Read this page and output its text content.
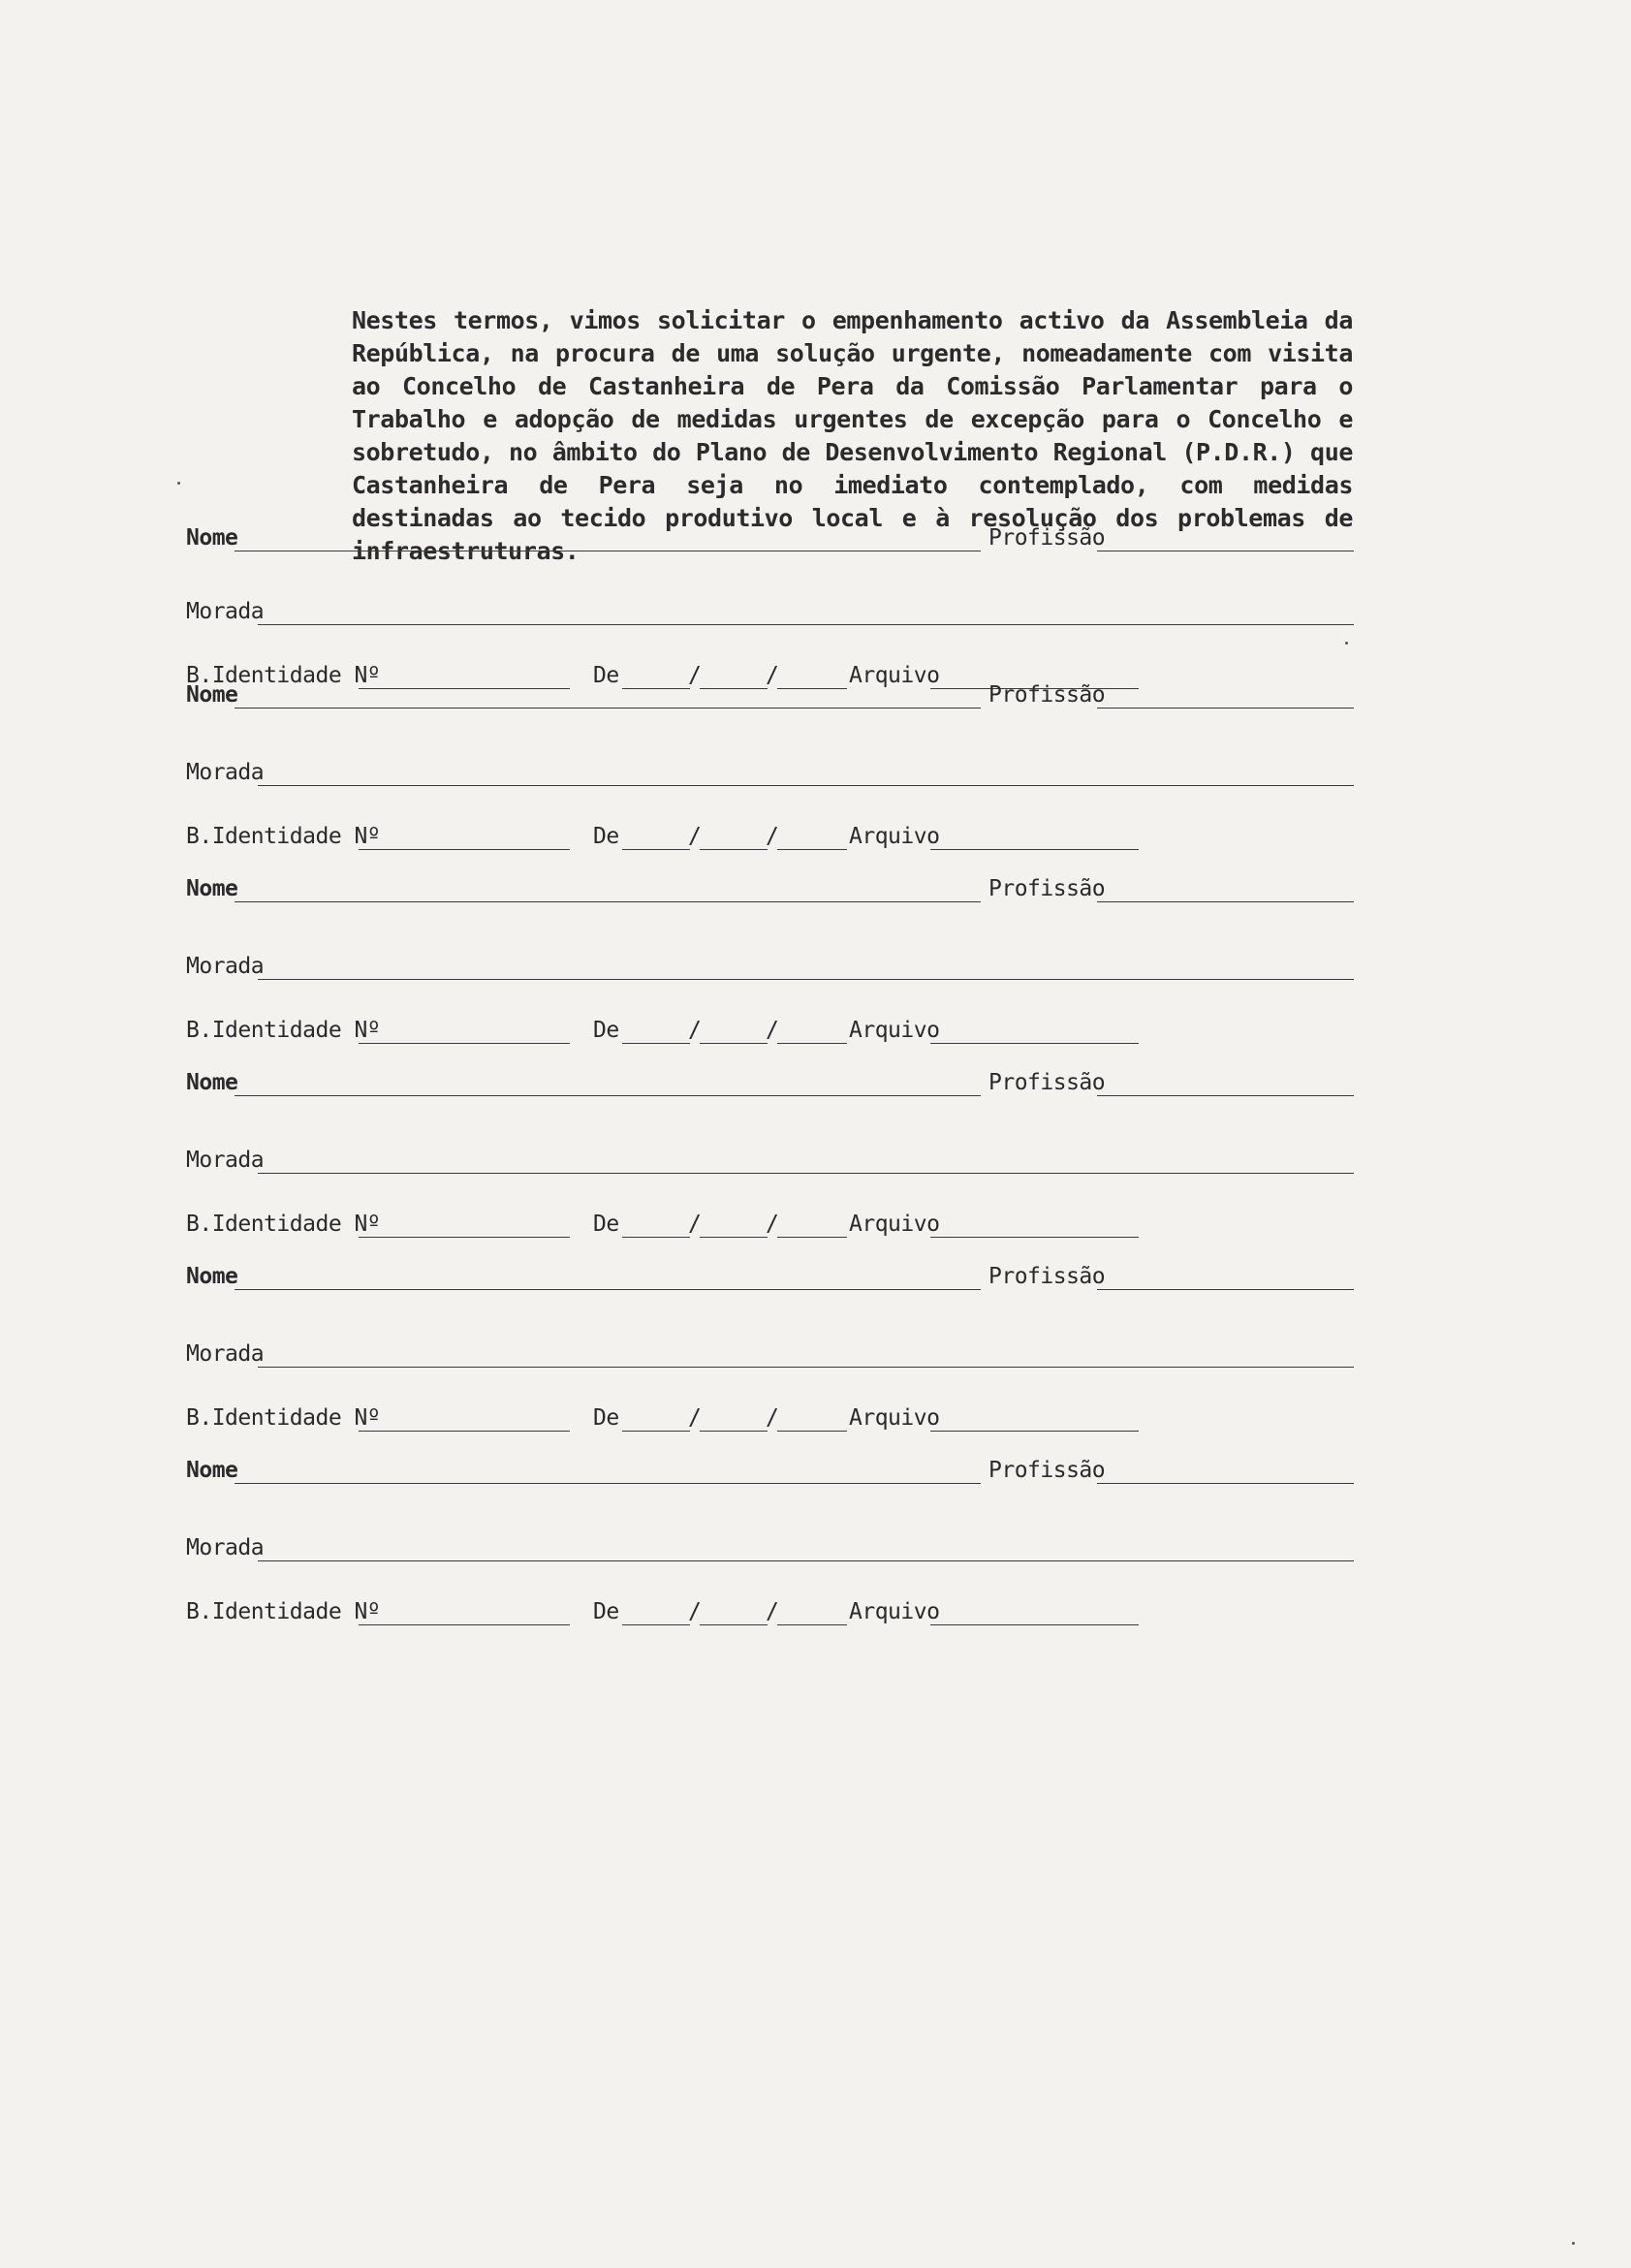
Nestes termos, vimos solicitar o empenhamento activo da Assembleia da República, na procura de uma solução urgente, nomeadamente com visita ao Concelho de Castanheira de Pera da Comissão Parlamentar para o Trabalho e adopção de medidas urgentes de excepção para o Concelho e sobretudo, no âmbito do Plano de Desenvolvimento Regional (P.D.R.) que Castanheira de Pera seja no imediato contemplado, com medidas destinadas ao tecido produtivo local e à resolução dos problemas de infraestruturas.
Nome	Profissão
Morada
B.Identidade Nº	De	/	/	Arquivo
Nome	Profissão
Morada
B.Identidade Nº	De	/	/	Arquivo
Nome	Profissão
Morada
B.Identidade Nº	De	/	/	Arquivo
Nome	Profissão
Morada
B.Identidade Nº	De	/	/	Arquivo
Nome	Profissão
Morada
B.Identidade Nº	De	/	/	Arquivo
Nome	Profissão
Morada
B.Identidade Nº	De	/	/	Arquivo
